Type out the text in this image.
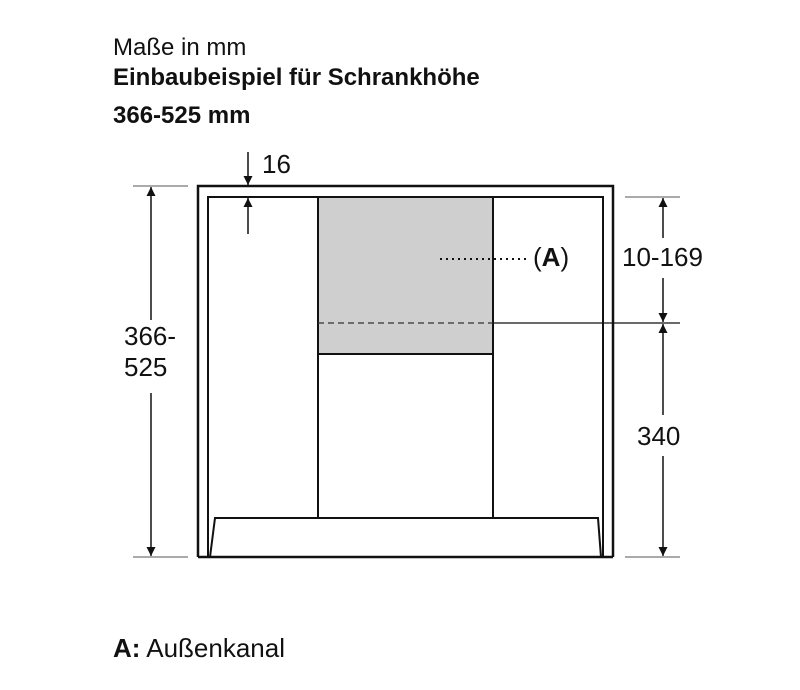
Maße in mm
Einbaubeispiel für Schrankhöhe
366-525 mm
16
366-
525
10-169
340
(A)
A: Außenkanal
